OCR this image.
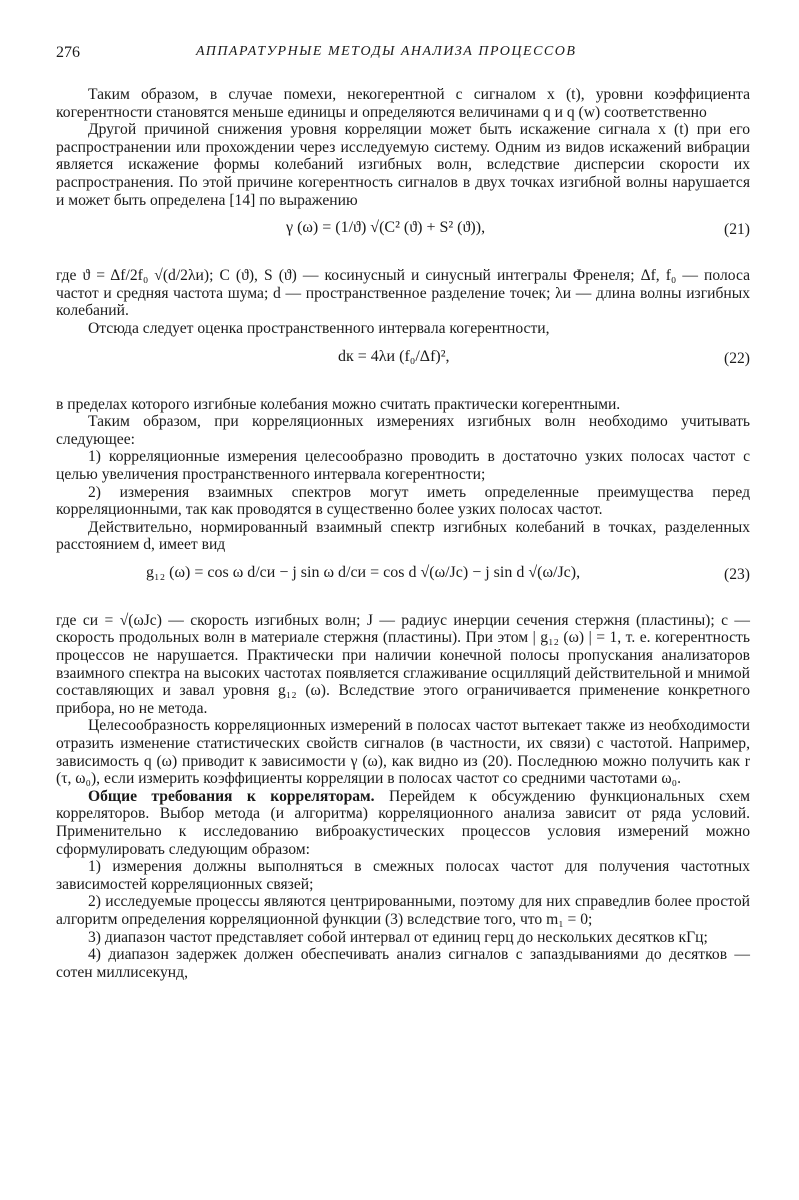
276	АППАРАТУРНЫЕ МЕТОДЫ АНАЛИЗА ПРОЦЕССОВ

Таким образом, в случае помехи, некогерентной с сигналом x (t), уровни коэффициента когерентности становятся меньше единицы и определяются величинами q и q (w) соответственно

Другой причиной снижения уровня корреляции может быть искажение сигнала x (t) при его распространении или прохождении через исследуемую систему. Одним из видов искажений вибрации является искажение формы колебаний изгибных волн, вследствие дисперсии скорости их распространения. По этой причине когерентность сигналов в двух точках изгибной волны нарушается и может быть определена [14] по выражению

γ (ω) = (1/ϑ) √(C² (ϑ) + S² (ϑ)),	(21)

где ϑ = Δf/2f₀ √(d/2λи); C (ϑ), S (ϑ) — косинусный и синусный интегралы Френеля; Δf, f₀ — полоса частот и средняя частота шума; d — пространственное разделение точек; λи — длина волны изгибных колебаний.

Отсюда следует оценка пространственного интервала когерентности,

dк = 4λи (f₀/Δf)²,	(22)

в пределах которого изгибные колебания можно считать практически когерентными.

Таким образом, при корреляционных измерениях изгибных волн необходимо учитывать следующее:

1) корреляционные измерения целесообразно проводить в достаточно узких полосах частот с целью увеличения пространственного интервала когерентности;

2) измерения взаимных спектров могут иметь определенные преимущества перед корреляционными, так как проводятся в существенно более узких полосах частот.

Действительно, нормированный взаимный спектр изгибных колебаний в точках, разделенных расстоянием d, имеет вид

g₁₂ (ω) = cos ω d/cи − j sin ω d/cи = cos d √(ω/Jc) − j sin d √(ω/Jc),	(23)

где cи = √(ωJc) — скорость изгибных волн; J — радиус инерции сечения стержня (пластины); c — скорость продольных волн в материале стержня (пластины). При этом | g₁₂ (ω) | = 1, т. е. когерентность процессов не нарушается. Практически при наличии конечной полосы пропускания анализаторов взаимного спектра на высоких частотах появляется сглаживание осцилляций действительной и мнимой составляющих и завал уровня g₁₂ (ω). Вследствие этого ограничивается применение конкретного прибора, но не метода.

Целесообразность корреляционных измерений в полосах частот вытекает также из необходимости отразить изменение статистических свойств сигналов (в частности, их связи) с частотой. Например, зависимость q (ω) приводит к зависимости γ (ω), как видно из (20). Последнюю можно получить как r (τ, ω₀), если измерить коэффициенты корреляции в полосах частот со средними частотами ω₀.

Общие требования к корреляторам. Перейдем к обсуждению функциональных схем корреляторов. Выбор метода (и алгоритма) корреляционного анализа зависит от ряда условий. Применительно к исследованию виброакустических процессов условия измерений можно сформулировать следующим образом:

1) измерения должны выполняться в смежных полосах частот для получения частотных зависимостей корреляционных связей;

2) исследуемые процессы являются центрированными, поэтому для них справедлив более простой алгоритм определения корреляционной функции (3) вследствие того, что m₁ = 0;

3) диапазон частот представляет собой интервал от единиц герц до нескольких десятков кГц;

4) диапазон задержек должен обеспечивать анализ сигналов с запаздываниями до десятков — сотен миллисекунд,
